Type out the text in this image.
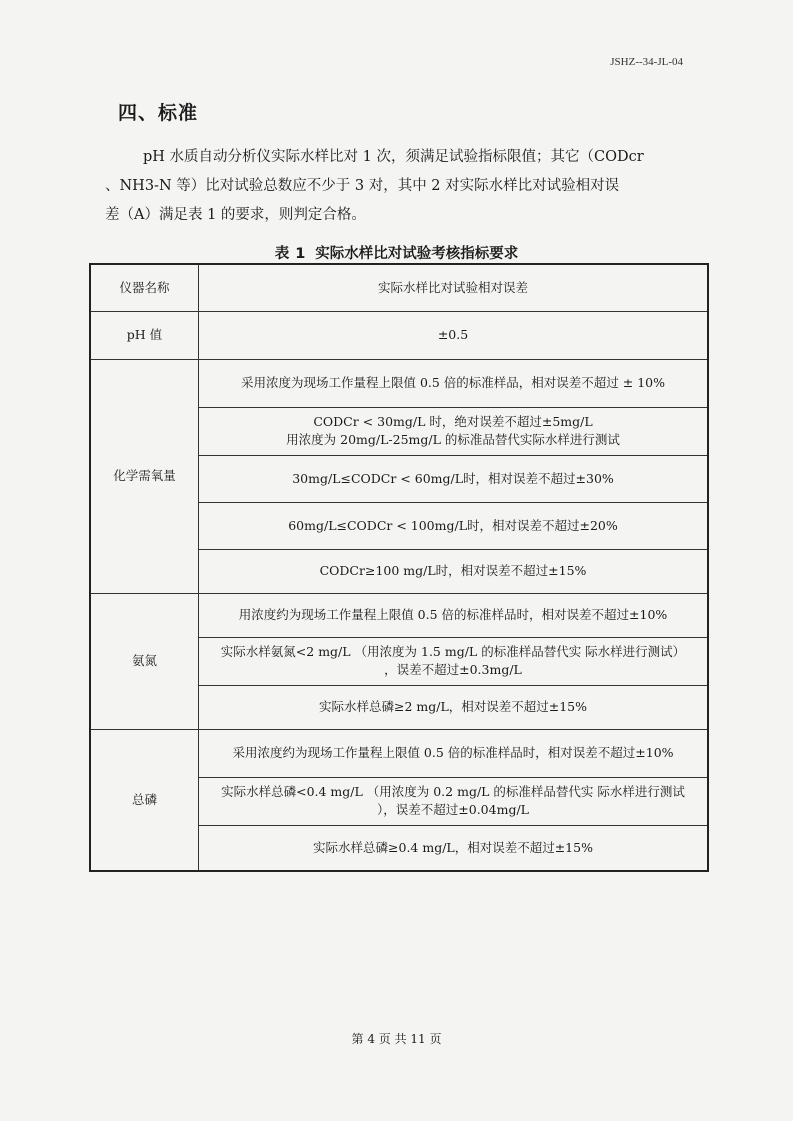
JSHZ--34-JL-04
四、标准

pH 水质自动分析仪实际水样比对 1 次，须满足试验指标限值；其它（CODcr

、NH3-N 等）比对试验总数应不少于 3 对，其中 2 对实际水样比对试验相对误

差（A）满足表 1 的要求，则判定合格。

表 1 实际水样比对试验考核指标要求
仪器名称	实际水样比对试验相对误差
pH 值	±0.5
化学需氧量	采用浓度为现场工作量程上限值 0.5 倍的标准样品，相对误差不超过 ± 10%

	CODCr < 30mg/L 时，绝对误差不超过±5mg/L
用浓度为 20mg/L-25mg/L 的标准品替代实际水样进行测试

	30mg/L≤CODCr < 60mg/L时，相对误差不超过±30%
	60mg/L≤CODCr < 100mg/L时，相对误差不超过±20%
	CODCr≥100 mg/L时，相对误差不超过±15%
氨氮	用浓度约为现场工作量程上限值 0.5 倍的标准样品时，相对误差不超过±10%

	实际水样氨氮<2 mg/L （用浓度为 1.5 mg/L 的标准样品替代实 际水样进行测试）
，误差不超过±0.3mg/L

	实际水样总磷≥2 mg/L，相对误差不超过±15%
总磷	采用浓度约为现场工作量程上限值 0.5 倍的标准样品时，相对误差不超过±10%

	实际水样总磷<0.4 mg/L （用浓度为 0.2 mg/L 的标准样品替代实 际水样进行测试
），误差不超过±0.04mg/L

	实际水样总磷≥0.4 mg/L，相对误差不超过±15%
第 4 页 共 11 页
